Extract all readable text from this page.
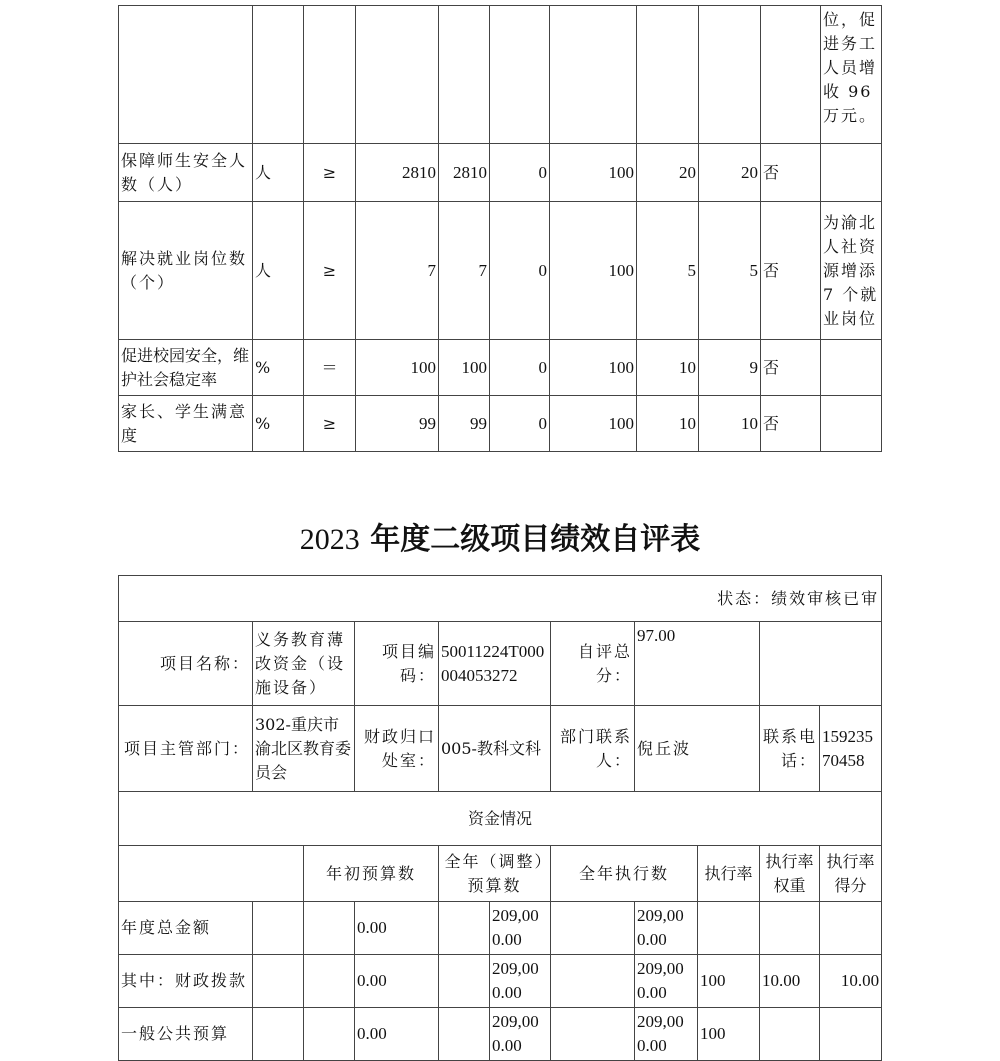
										位，促进务工人员增收 96 万元。
保障师生安全人数（人）	人	≥	2810	2810	0	100	20	20	否	
解决就业岗位数（个）	人	≥	7	7	0	100	5	5	否	为渝北人社资源增添 7 个就业岗位
促进校园安全，维护社会稳定率	%	＝	100	100	0	100	10	9	否	
家长、学生满意度	%	≥	99	99	0	100	10	10	否	
2023 年度二级项目绩效自评表
状态：绩效审核已审										
项目名称：	义务教育薄改资金（设施设备）		项目编码：	50011224T000004053272		自评总分：	97.00			
项目主管部门：	302-重庆市渝北区教育委员会		财政归口处室：	005-教科文科		部门联系人：	倪丘波		联系电话：	15923570458
资金情况										
		年初预算数		全年（调整）预算数		全年执行数		执行率	执行率权重	执行率得分
年度总金额			0.00		209,000.00		209,000.00			
其中：财政拨款			0.00		209,000.00		209,000.00	100	10.00	10.00
一般公共预算			0.00		209,000.00		209,000.00	100		
